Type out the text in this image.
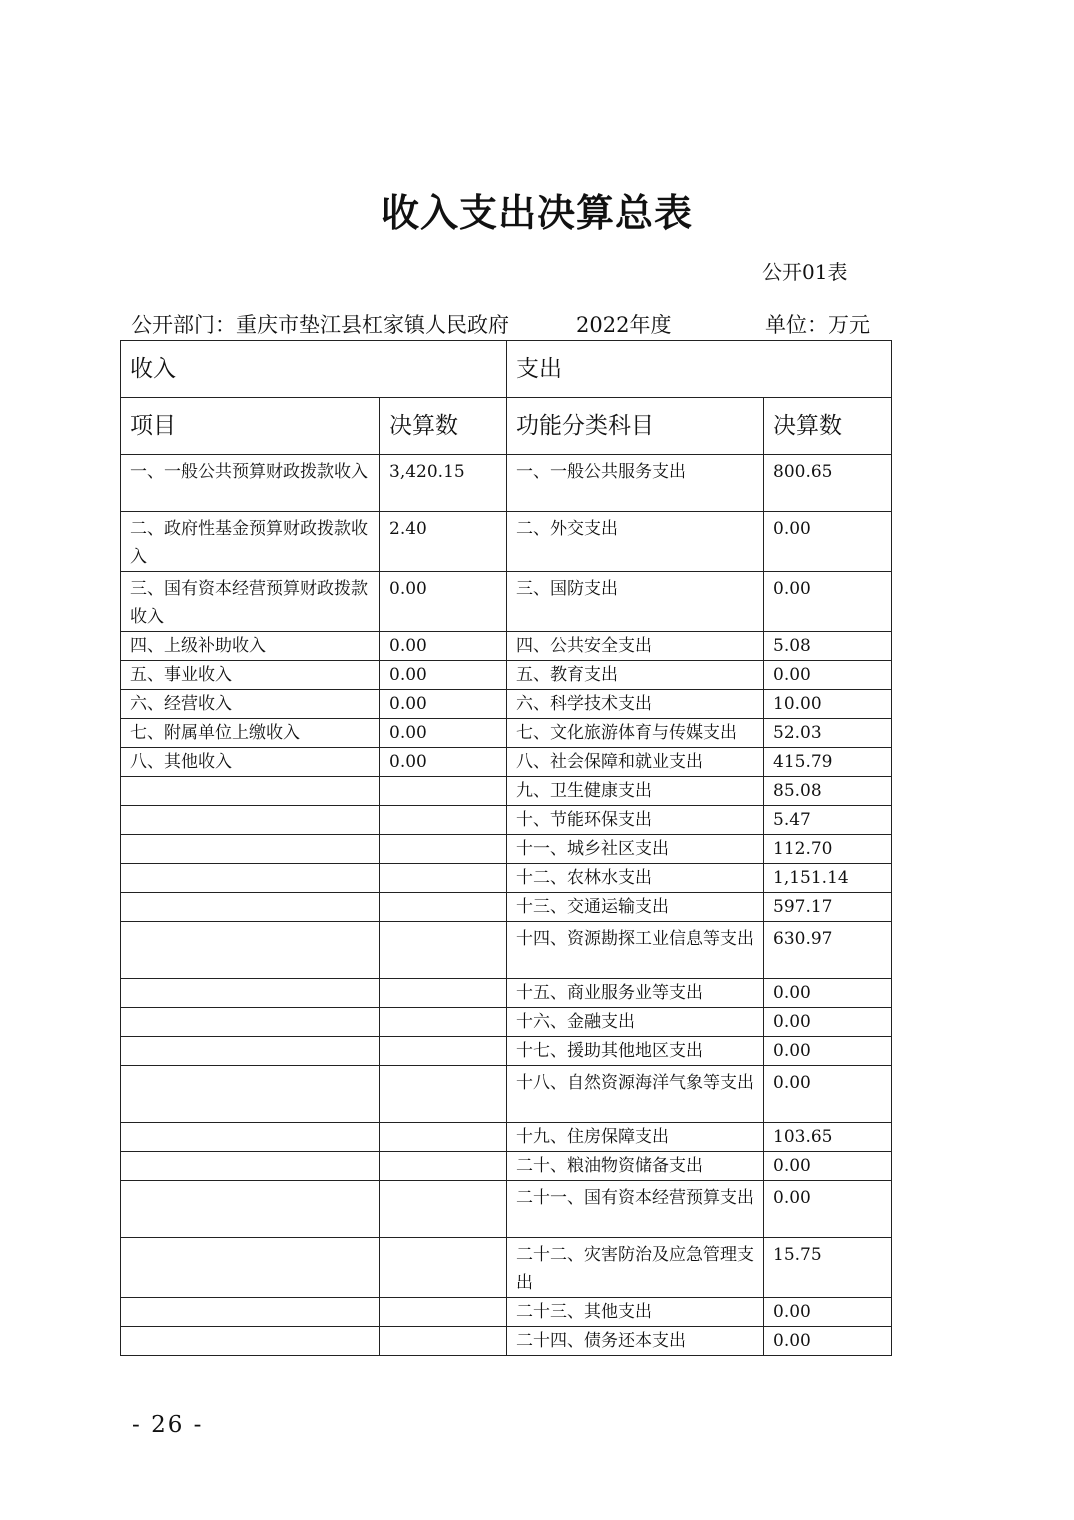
收入支出决算总表
公开01表
公开部门：重庆市垫江县杠家镇人民政府	2022年度	单位：万元
收入		支出	
项目	决算数	功能分类科目	决算数
一、一般公共预算财政拨款收入	3,420.15	一、一般公共服务支出	800.65
二、政府性基金预算财政拨款收入	2.40	二、外交支出	0.00
三、国有资本经营预算财政拨款收入	0.00	三、国防支出	0.00
四、上级补助收入	0.00	四、公共安全支出	5.08
五、事业收入	0.00	五、教育支出	0.00
六、经营收入	0.00	六、科学技术支出	10.00
七、附属单位上缴收入	0.00	七、文化旅游体育与传媒支出	52.03
八、其他收入	0.00	八、社会保障和就业支出	415.79
		九、卫生健康支出	85.08
		十、节能环保支出	5.47
		十一、城乡社区支出	112.70
		十二、农林水支出	1,151.14
		十三、交通运输支出	597.17
		十四、资源勘探工业信息等支出	630.97
		十五、商业服务业等支出	0.00
		十六、金融支出	0.00
		十七、援助其他地区支出	0.00
		十八、自然资源海洋气象等支出	0.00
		十九、住房保障支出	103.65
		二十、粮油物资储备支出	0.00
		二十一、国有资本经营预算支出	0.00
		二十二、灾害防治及应急管理支出	15.75
		二十三、其他支出	0.00
		二十四、债务还本支出	0.00
- 26 -
